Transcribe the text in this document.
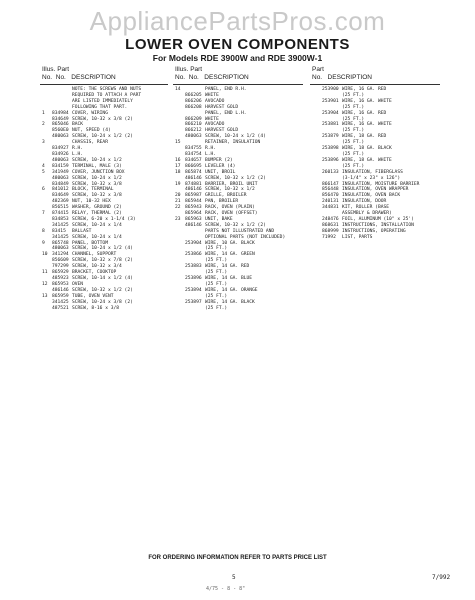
AppliancePartsPros.com
LOWER OVEN COMPONENTS
For Models RDE 3900W and RDE 3900W-1
Illus. Part
No. No. DESCRIPTION
Illus. Part
No. No. DESCRIPTION
Part
No. DESCRIPTION
NOTE: THE SCREWS AND NUTS
REQUIRED TO ATTACH A PART
ARE LISTED IMMEDIATELY
FOLLOWING THAT PART.
1	834984 COVER, WIRING
834649 SCREW, 10-32 x 3/8 (2)
2	865046 BACK
8560E0 NUT, SPEED (4)
480063 SCREW, 10-24 x 1/2 (2)
3	CHASSIS, REAR
834927 R.H.
834926 L.H.
480063 SCREW, 10-24 x 1/2
4	834159 TERMINAL, MALE (3)
5	341949 COVER, JUNCTION BOX
480063 SCREW, 10-24 x 1/2
834849 SCREW, 10-32 x 3/8
6	841012 BLOCK, TERMINAL
834649 SCREW, 10-32 x 3/8
482369 NUT, 10-32 HEX
856515 WASHER, GROUND (2)
7	874415 RELAY, THERMAL (2)
834853 SCREW, 6-20 x 1-1/4 (3)
341425 SCREW, 10-24 x 1/4
8	83415	BALLAST
341425 SCREW, 10-24 x 1/4
9	865748 PANEL, BOTTOM
480063 SCREW, 10-24 x 1/2 (4)
10 341294 CHANNEL, SUPPORT
856609 SCREW, 10-32 x 7/8 (2)
797299 SCREW, 10-32 x 3/4
11 865929 BRACKET, COOKTOP
485923 SCREW, 10-14 x 1/2 (4)
12 865953 OVEN
486146 SCREW, 10-32 x 1/2 (2)
13 865959 TUBE, OVEN VENT
341425 SCREW, 10-24 x 3/8 (2)
487521 SCREW, 8-16 x 3/8
14	PANEL, END R.H.
866205 WHITE
866206 AVOCADO
866208 HARVEST GOLD
PANEL, END L.H.
866209 WHITE
866210 AVOCADO
866212 HARVEST GOLD
480063 SCREW, 10-24 x 1/2 (4)
15	RETAINER, INSULATION
834755 R.H.
834754 L.H.
16 834657 BUMPER (2)
17 866695 LEVELER (4)
18 865874 UNIT, BROIL
486146 SCREW, 10-32 x 1/2 (2)
19 874881 BARRIER, BROIL UNIT
486146 SCREW, 10-32 x 1/2
20 865987 GRILLE, BROILER
21 865944 PAN, BROILER
22 865943 RACK, OVEN (PLAIN)
865964 RACK, OVEN (OFFSET)
23 865963 UNIT, BAKE
486146 SCREW, 10-32 x 1/2 (2)
PARTS NOT ILLUSTRATED AND
OPTIONAL PARTS (NOT INCLUDED)
253904 WIRE, 10 GA. BLACK
(25 FT.)
253866 WIRE, 14 GA. GREEN
(25 FT.)
253883 WIRE, 14 GA. RED
(25 FT.)
253896 WIRE, 14 GA. BLUE
(25 FT.)
253894 WIRE, 14 GA. ORANGE
(25 FT.)
253897 WIRE, 14 GA. BLACK
(25 FT.)
253900 WIRE, 16 GA. RED
(25 FT.)
253901 WIRE, 16 GA. WHITE
(25 FT.)
253904 WIRE, 16 GA. RED
(25 FT.)
253881 WIRE, 16 GA. WHITE
(25 FT.)
253879 WIRE, 18 GA. RED
(25 FT.)
253898 WIRE, 18 GA. BLACK
(25 FT.)
253896 WIRE, 18 GA. WHITE
(25 FT.)
260133 INSULATION, FIBERGLASS
(3-1/4" x 23" x 126")
866147 INSULATION, MOISTURE BARRIER
856448 INSULATION, OVEN WRAPPER
856470 INSULATION, OVEN BACK
240131 INSULATION, DOOR
344831 KIT, ROLLER (BASE
ASSEMBLY & DRAWER)
248476 FOIL, ALUMINUM (10" x 25')
868631 INSTRUCTIONS, INSTALLATION
868999 INSTRUCTIONS, OPERATING
71992	LIST, PARTS
FOR ORDERING INFORMATION REFER TO PARTS PRICE LIST
5	7/992
4/75 - 8 - 8"
